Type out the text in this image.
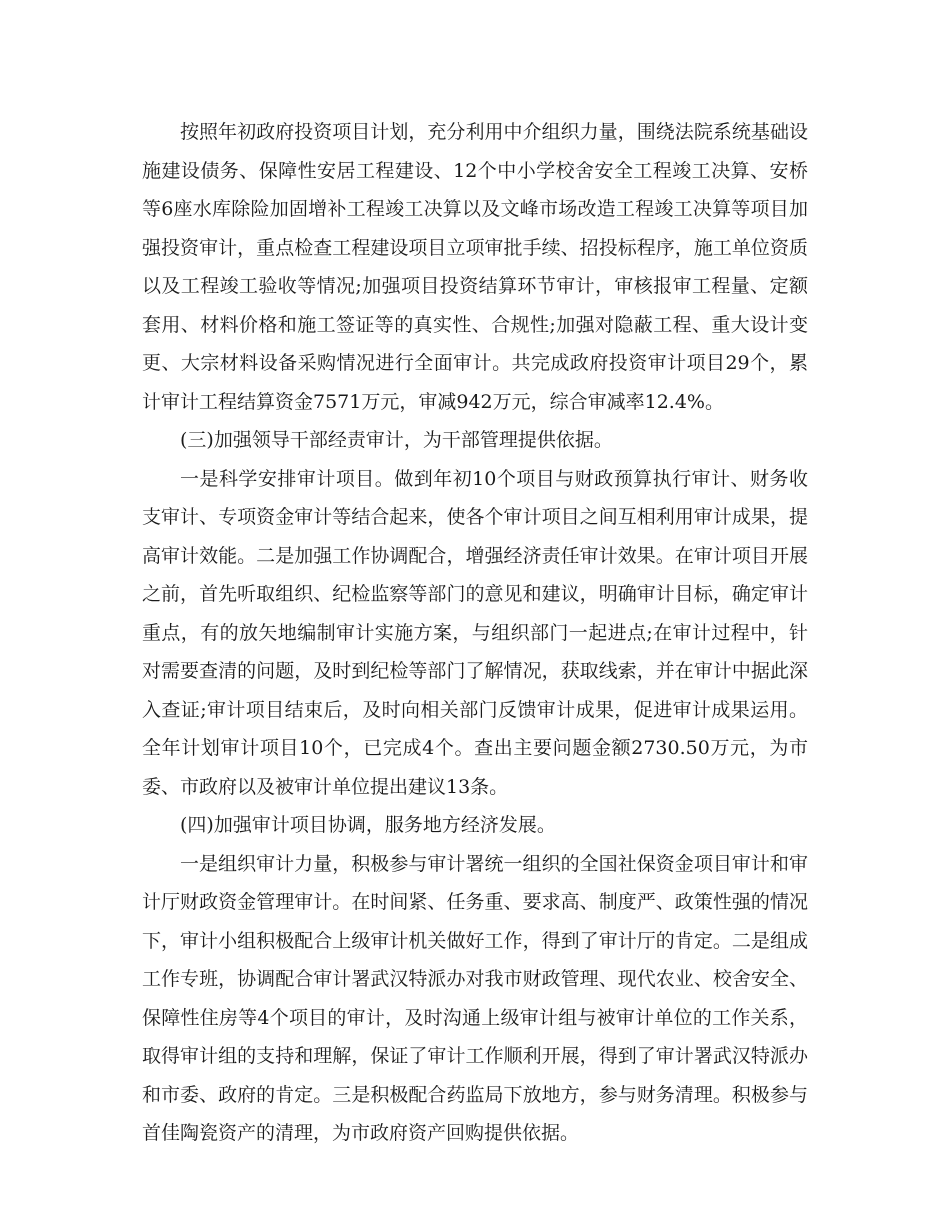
按照年初政府投资项目计划，充分利用中介组织力量，围绕法院系统基础设施建设债务、保障性安居工程建设、12个中小学校舍安全工程竣工决算、安桥等6座水库除险加固增补工程竣工决算以及文峰市场改造工程竣工决算等项目加强投资审计，重点检查工程建设项目立项审批手续、招投标程序，施工单位资质以及工程竣工验收等情况;加强项目投资结算环节审计，审核报审工程量、定额套用、材料价格和施工签证等的真实性、合规性;加强对隐蔽工程、重大设计变更、大宗材料设备采购情况进行全面审计。共完成政府投资审计项目29个，累计审计工程结算资金7571万元，审减942万元，综合审减率12.4%。

(三)加强领导干部经责审计，为干部管理提供依据。

一是科学安排审计项目。做到年初10个项目与财政预算执行审计、财务收支审计、专项资金审计等结合起来，使各个审计项目之间互相利用审计成果，提高审计效能。二是加强工作协调配合，增强经济责任审计效果。在审计项目开展之前，首先听取组织、纪检监察等部门的意见和建议，明确审计目标，确定审计重点，有的放矢地编制审计实施方案，与组织部门一起进点;在审计过程中，针对需要查清的问题，及时到纪检等部门了解情况，获取线索，并在审计中据此深入查证;审计项目结束后，及时向相关部门反馈审计成果，促进审计成果运用。全年计划审计项目10个，已完成4个。查出主要问题金额2730.50万元，为市委、市政府以及被审计单位提出建议13条。

(四)加强审计项目协调，服务地方经济发展。

一是组织审计力量，积极参与审计署统一组织的全国社保资金项目审计和审计厅财政资金管理审计。在时间紧、任务重、要求高、制度严、政策性强的情况下，审计小组积极配合上级审计机关做好工作，得到了审计厅的肯定。二是组成工作专班，协调配合审计署武汉特派办对我市财政管理、现代农业、校舍安全、保障性住房等4个项目的审计，及时沟通上级审计组与被审计单位的工作关系，取得审计组的支持和理解，保证了审计工作顺利开展，得到了审计署武汉特派办和市委、政府的肯定。三是积极配合药监局下放地方，参与财务清理。积极参与首佳陶瓷资产的清理，为市政府资产回购提供依据。
